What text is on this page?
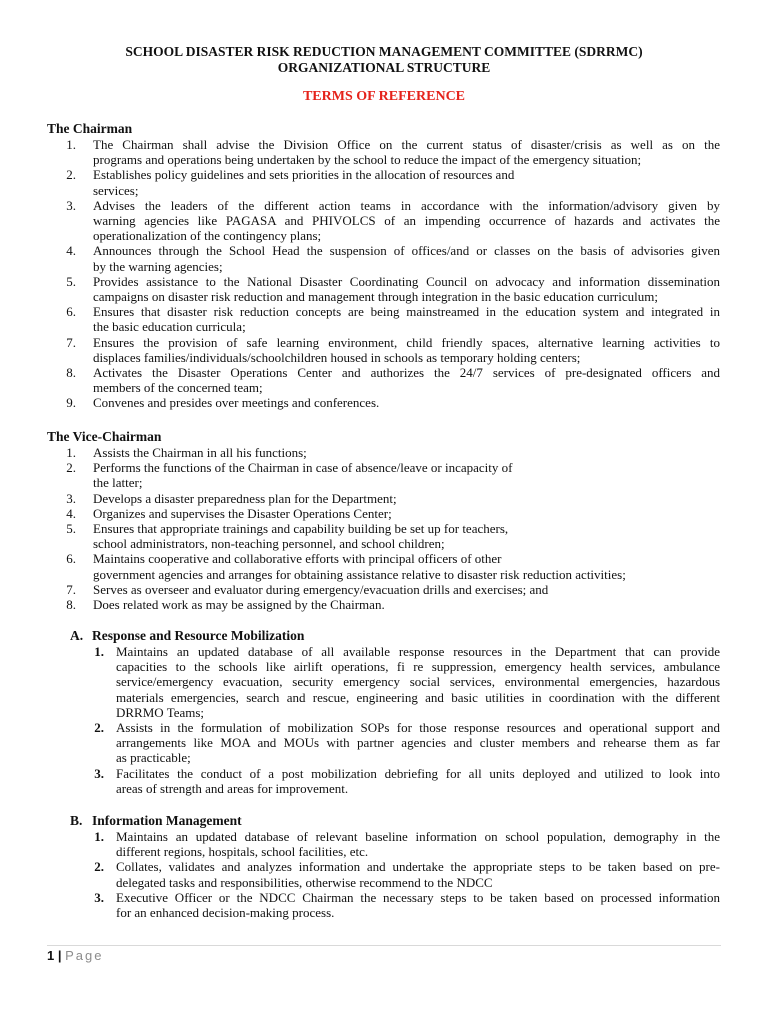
SCHOOL DISASTER RISK REDUCTION MANAGEMENT COMMITTEE (SDRRMC)
ORGANIZATIONAL STRUCTURE
TERMS OF REFERENCE
The Chairman
1. The Chairman shall advise the Division Office on the current status of disaster/crisis as well as on the
programs and operations being undertaken by the school to reduce the impact of the emergency situation;
2. Establishes policy guidelines and sets priorities in the allocation of resources and
services;
3. Advises the leaders of the different action teams in accordance with the information/advisory given by
warning agencies like PAGASA and PHIVOLCS of an impending occurrence of hazards and activates the
operationalization of the contingency plans;
4. Announces through the School Head the suspension of offices/and or classes on the basis of advisories given
by the warning agencies;
5. Provides assistance to the National Disaster Coordinating Council on advocacy and information dissemination
campaigns on disaster risk reduction and management through integration in the basic education curriculum;
6. Ensures that disaster risk reduction concepts are being mainstreamed in the education system and integrated in
the basic education curricula;
7. Ensures the provision of safe learning environment, child friendly spaces, alternative learning activities to
displaces families/individuals/schoolchildren housed in schools as temporary holding centers;
8. Activates the Disaster Operations Center and authorizes the 24/7 services of pre-designated officers and
members of the concerned team;
9. Convenes and presides over meetings and conferences.
The Vice-Chairman
1. Assists the Chairman in all his functions;
2. Performs the functions of the Chairman in case of absence/leave or incapacity of
the latter;
3. Develops a disaster preparedness plan for the Department;
4. Organizes and supervises the Disaster Operations Center;
5. Ensures that appropriate trainings and capability building be set up for teachers,
school administrators, non-teaching personnel, and school children;
6. Maintains cooperative and collaborative efforts with principal officers of other
government agencies and arranges for obtaining assistance relative to disaster risk reduction activities;
7. Serves as overseer and evaluator during emergency/evacuation drills and exercises; and
8. Does related work as may be assigned by the Chairman.
A. Response and Resource Mobilization
1. Maintains an updated database of all available response resources in the Department that can provide
capacities to the schools like airlift operations, fi re suppression, emergency health services, ambulance
service/emergency evacuation, security emergency social services, environmental emergencies, hazardous
materials emergencies, search and rescue, engineering and basic utilities in coordination with the different
DRRMO Teams;
2. Assists in the formulation of mobilization SOPs for those response resources and operational support and
arrangements like MOA and MOUs with partner agencies and cluster members and rehearse them as far
as practicable;
3. Facilitates the conduct of a post mobilization debriefing for all units deployed and utilized to look into
areas of strength and areas for improvement.
B. Information Management
1. Maintains an updated database of relevant baseline information on school population, demography in the
different regions, hospitals, school facilities, etc.
2. Collates, validates and analyzes information and undertake the appropriate steps to be taken based on pre-
delegated tasks and responsibilities, otherwise recommend to the NDCC
3. Executive Officer or the NDCC Chairman the necessary steps to be taken based on processed information
for an enhanced decision-making process.
1 | Page
